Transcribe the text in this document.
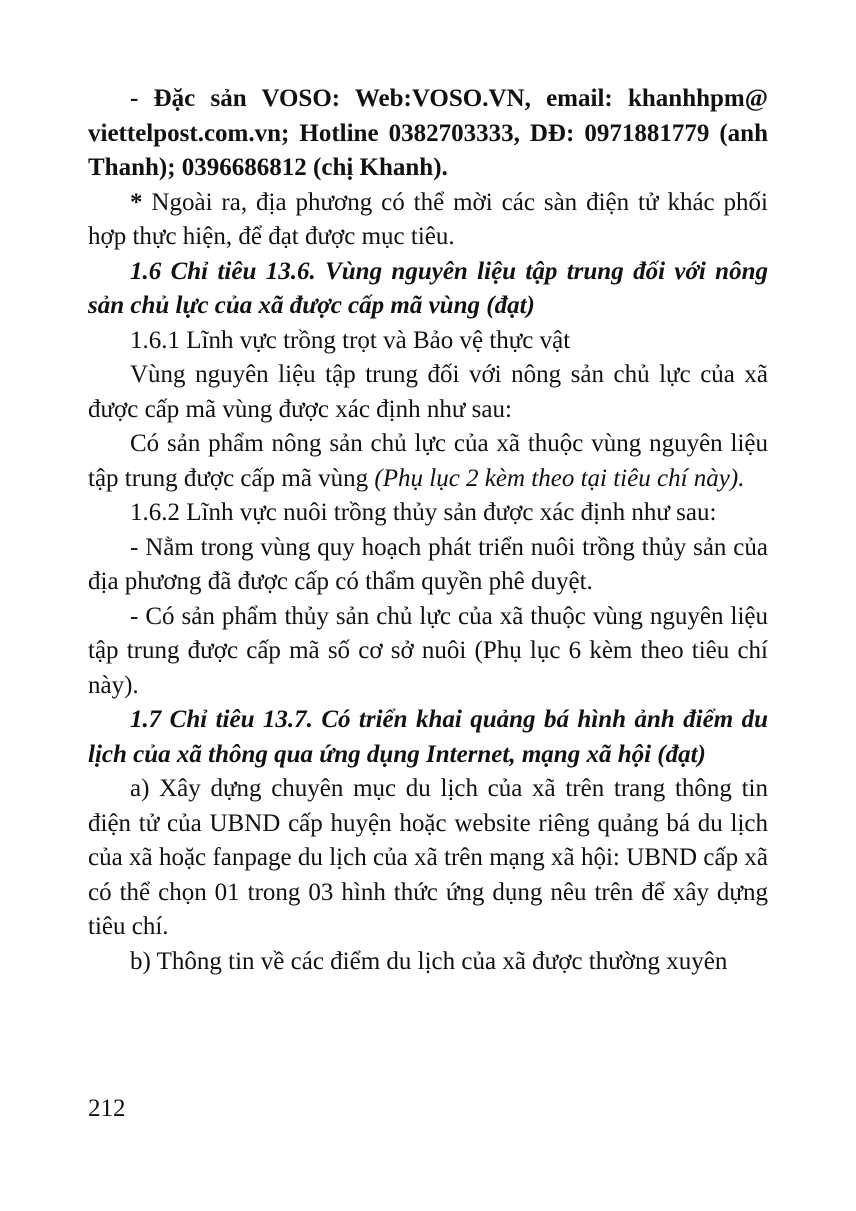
- Đặc sản VOSO: Web:VOSO.VN, email: khanhhpm@ viettelpost.com.vn; Hotline 0382703333, DĐ: 0971881779 (anh Thanh); 0396686812 (chị Khanh).

* Ngoài ra, địa phương có thể mời các sàn điện tử khác phối hợp thực hiện, để đạt được mục tiêu.

1.6 Chỉ tiêu 13.6. Vùng nguyên liệu tập trung đối với nông sản chủ lực của xã được cấp mã vùng (đạt)

1.6.1 Lĩnh vực trồng trọt và Bảo vệ thực vật

Vùng nguyên liệu tập trung đối với nông sản chủ lực của xã được cấp mã vùng được xác định như sau:

Có sản phẩm nông sản chủ lực của xã thuộc vùng nguyên liệu tập trung được cấp mã vùng (Phụ lục 2 kèm theo tại tiêu chí này).

1.6.2 Lĩnh vực nuôi trồng thủy sản được xác định như sau:

- Nằm trong vùng quy hoạch phát triển nuôi trồng thủy sản của địa phương đã được cấp có thẩm quyền phê duyệt.

- Có sản phẩm thủy sản chủ lực của xã thuộc vùng nguyên liệu tập trung được cấp mã số cơ sở nuôi (Phụ lục 6 kèm theo tiêu chí này).

1.7 Chỉ tiêu 13.7. Có triển khai quảng bá hình ảnh điểm du lịch của xã thông qua ứng dụng Internet, mạng xã hội (đạt)

a) Xây dựng chuyên mục du lịch của xã trên trang thông tin điện tử của UBND cấp huyện hoặc website riêng quảng bá du lịch của xã hoặc fanpage du lịch của xã trên mạng xã hội: UBND cấp xã có thể chọn 01 trong 03 hình thức ứng dụng nêu trên để xây dựng tiêu chí.

b) Thông tin về các điểm du lịch của xã được thường xuyên

212
